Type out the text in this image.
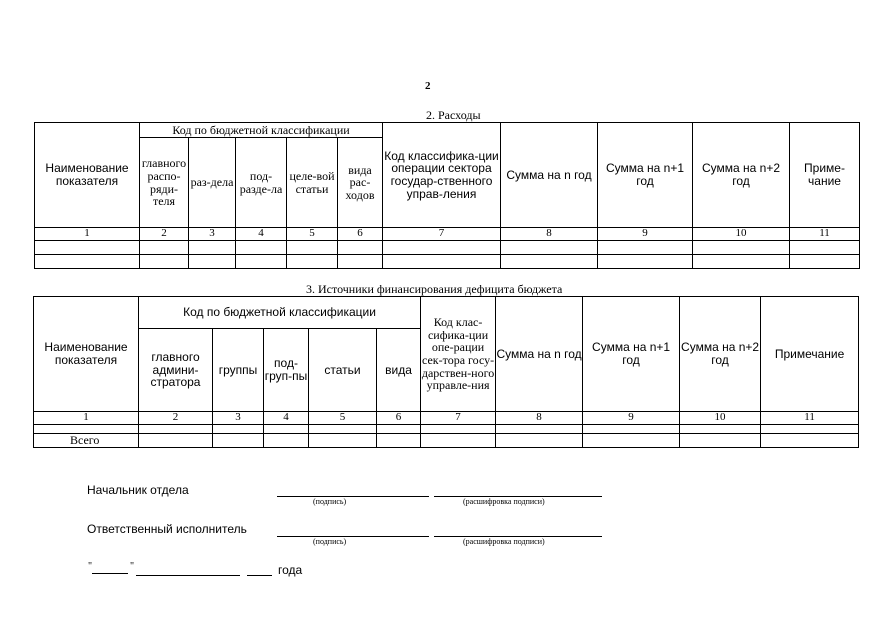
2
2. Расходы
Наименование показателя	Код по бюджетной классификации					Код классифика-ции операции сектора государ-ственного управ-ления	Сумма на n год	Сумма на n+1 год	Сумма на n+2 год	Приме-чание
	главного распо-ряди-теля	раз-дела	под-разде-ла	целе-вой статьи	вида рас-ходов					
1	2	3	4	5	6	7	8	9	10	11

3. Источники финансирования дефицита бюджета
Наименование показателя	Код по бюджетной классификации					Код клас-сифика-ции опе-рации сек-тора госу-дарствен-ного управле-ния	Сумма на n год	Сумма на n+1 год	Сумма на n+2 год	Примечание
	главного админи-стратора	группы	под-груп-пы	статьи	вида					
1	2	3	4	5	6	7	8	9	10	11

Всего										
Начальник отдела
(подпись)	(расшифровка подписи)
Ответственный исполнитель
(подпись)	(расшифровка подписи)
"	"	года
